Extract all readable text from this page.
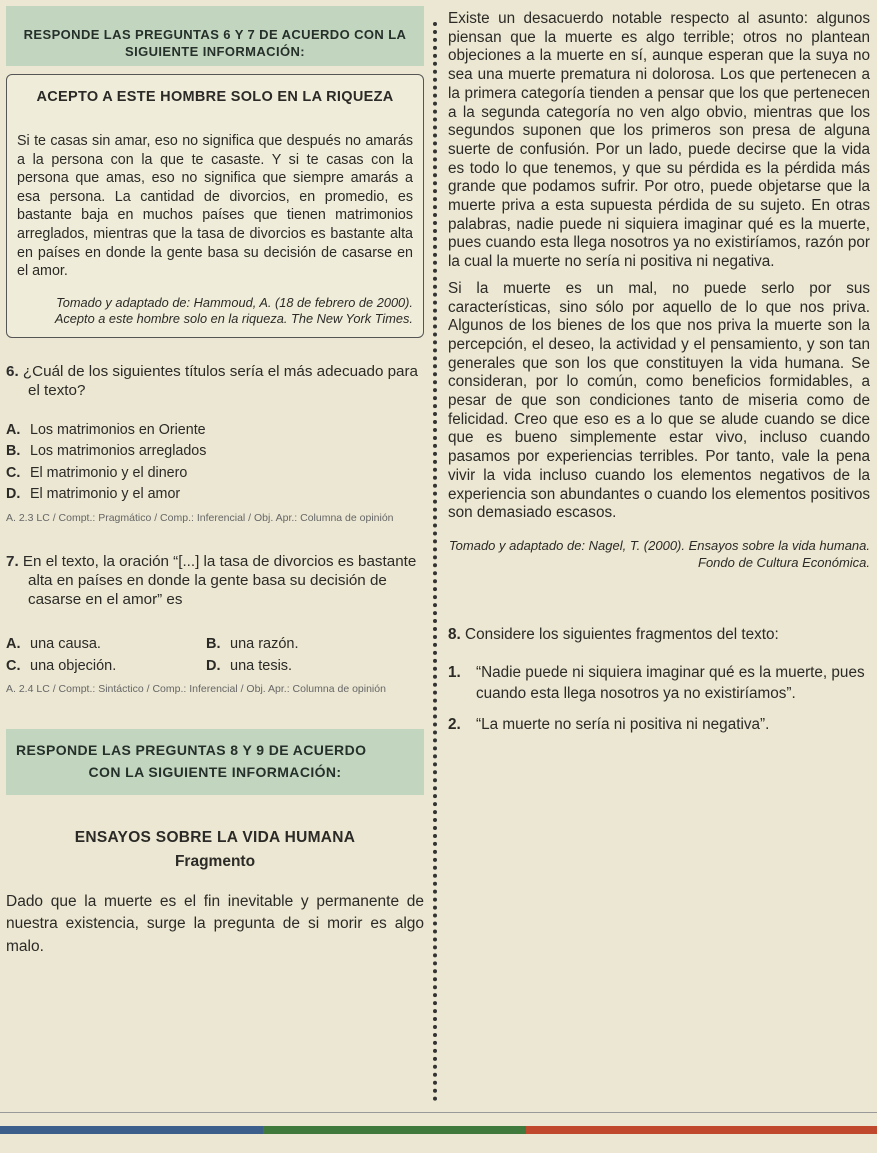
RESPONDE LAS PREGUNTAS 6 Y 7 DE ACUERDO CON LA SIGUIENTE INFORMACIÓN:
ACEPTO A ESTE HOMBRE SOLO EN LA RIQUEZA

Si te casas sin amar, eso no significa que después no amarás a la persona con la que te casaste. Y si te casas con la persona que amas, eso no significa que siempre amarás a esa persona. La cantidad de divorcios, en promedio, es bastante baja en muchos países que tienen matrimonios arreglados, mientras que la tasa de divorcios es bastante alta en países en donde la gente basa su decisión de casarse en el amor.

Tomado y adaptado de: Hammoud, A. (18 de febrero de 2000). Acepto a este hombre solo en la riqueza. The New York Times.
6. ¿Cuál de los siguientes títulos sería el más adecuado para el texto?
A. Los matrimonios en Oriente
B. Los matrimonios arreglados
C. El matrimonio y el dinero
D. El matrimonio y el amor
A. 2.3 LC / Compt.: Pragmático / Comp.: Inferencial / Obj. Apr.: Columna de opinión
7. En el texto, la oración “[...] la tasa de divorcios es bastante alta en países en donde la gente basa su decisión de casarse en el amor” es
A. una causa.	B. una razón.
C. una objeción.	D. una tesis.
A. 2.4 LC / Compt.: Sintáctico / Comp.: Inferencial / Obj. Apr.: Columna de opinión
RESPONDE LAS PREGUNTAS 8 Y 9 DE ACUERDO
CON LA SIGUIENTE INFORMACIÓN:
ENSAYOS SOBRE LA VIDA HUMANA
Fragmento
Dado que la muerte es el fin inevitable y permanente de nuestra existencia, surge la pregunta de si morir es algo malo.

Existe un desacuerdo notable respecto al asunto: algunos piensan que la muerte es algo terrible; otros no plantean objeciones a la muerte en sí, aunque esperan que la suya no sea una muerte prematura ni dolorosa. Los que pertenecen a la primera categoría tienden a pensar que los que pertenecen a la segunda categoría no ven algo obvio, mientras que los segundos suponen que los primeros son presa de alguna suerte de confusión. Por un lado, puede decirse que la vida es todo lo que tenemos, y que su pérdida es la pérdida más grande que podamos sufrir. Por otro, puede objetarse que la muerte priva a esta supuesta pérdida de su sujeto. En otras palabras, nadie puede ni siquiera imaginar qué es la muerte, pues cuando esta llega nosotros ya no existiríamos, razón por la cual la muerte no sería ni positiva ni negativa.

Si la muerte es un mal, no puede serlo por sus características, sino sólo por aquello de lo que nos priva. Algunos de los bienes de los que nos priva la muerte son la percepción, el deseo, la actividad y el pensamiento, y son tan generales que son los que constituyen la vida humana. Se consideran, por lo común, como beneficios formidables, a pesar de que son condiciones tanto de miseria como de felicidad. Creo que eso es a lo que se alude cuando se dice que es bueno simplemente estar vivo, incluso cuando pasamos por experiencias terribles. Por tanto, vale la pena vivir la vida incluso cuando los elementos negativos de la experiencia son abundantes o cuando los elementos positivos son demasiado escasos.

Tomado y adaptado de: Nagel, T. (2000). Ensayos sobre la vida humana. Fondo de Cultura Económica.
8. Considere los siguientes fragmentos del texto:
1. “Nadie puede ni siquiera imaginar qué es la muerte, pues cuando esta llega nosotros ya no existiríamos”.
2. “La muerte no sería ni positiva ni negativa”.
